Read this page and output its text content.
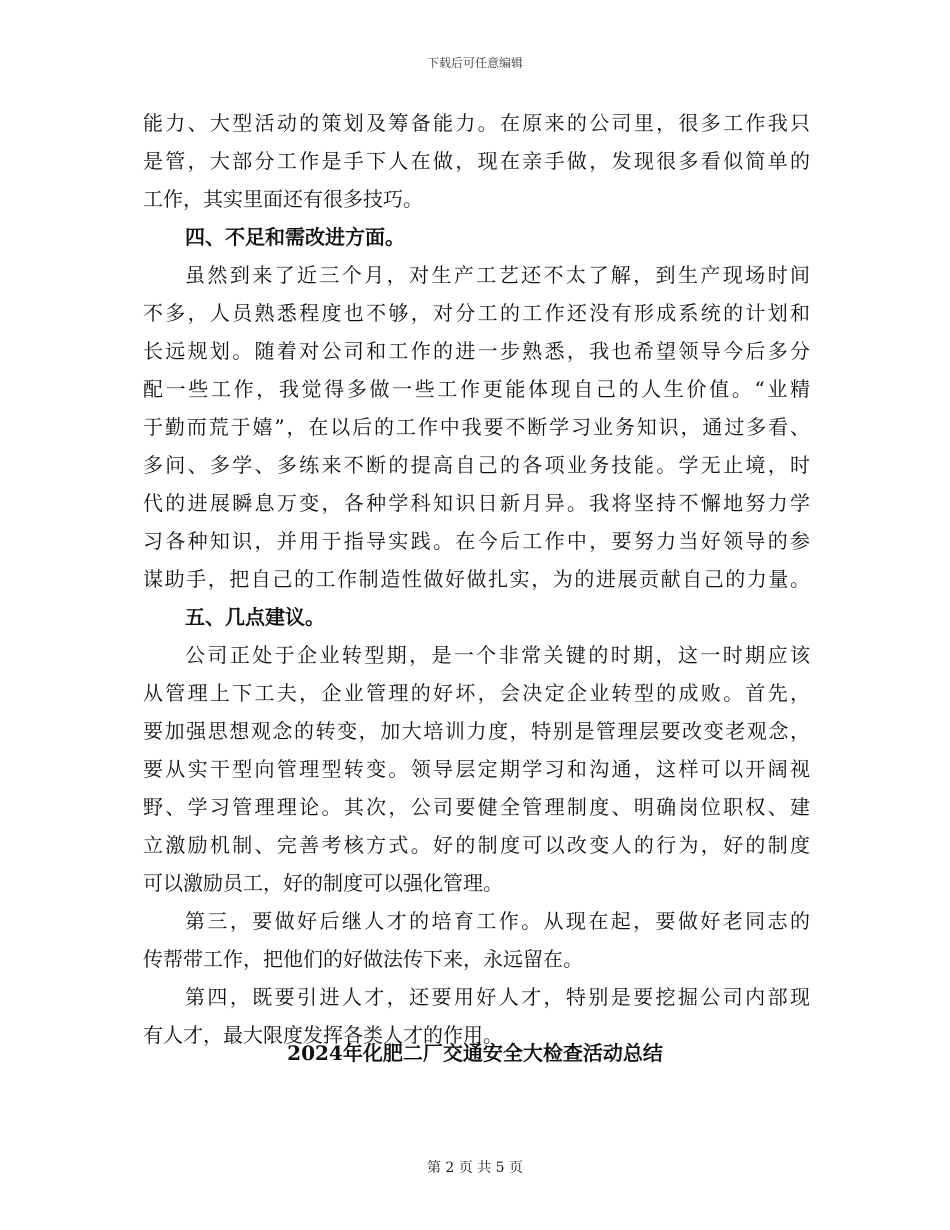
下载后可任意编辑
能力、大型活动的策划及筹备能力。在原来的公司里，很多工作我只
是管，大部分工作是手下人在做，现在亲手做，发现很多看似简单的
工作，其实里面还有很多技巧。
四、不足和需改进方面。
虽然到来了近三个月，对生产工艺还不太了解，到生产现场时间
不多，人员熟悉程度也不够，对分工的工作还没有形成系统的计划和
长远规划。随着对公司和工作的进一步熟悉，我也希望领导今后多分
配一些工作，我觉得多做一些工作更能体现自己的人生价值。“业精
于勤而荒于嬉”，在以后的工作中我要不断学习业务知识，通过多看、
多问、多学、多练来不断的提高自己的各项业务技能。学无止境，时
代的进展瞬息万变，各种学科知识日新月异。我将坚持不懈地努力学
习各种知识，并用于指导实践。在今后工作中，要努力当好领导的参
谋助手，把自己的工作制造性做好做扎实，为的进展贡献自己的力量。
五、几点建议。
公司正处于企业转型期，是一个非常关键的时期，这一时期应该
从管理上下工夫，企业管理的好坏，会决定企业转型的成败。首先，
要加强思想观念的转变，加大培训力度，特别是管理层要改变老观念，
要从实干型向管理型转变。领导层定期学习和沟通，这样可以开阔视
野、学习管理理论。其次，公司要健全管理制度、明确岗位职权、建
立激励机制、完善考核方式。好的制度可以改变人的行为，好的制度
可以激励员工，好的制度可以强化管理。
第三，要做好后继人才的培育工作。从现在起，要做好老同志的
传帮带工作，把他们的好做法传下来，永远留在。
第四，既要引进人才，还要用好人才，特别是要挖掘公司内部现
有人才，最大限度发挥各类人才的作用。
2024年化肥二厂交通安全大检查活动总结
第 2 页 共 5 页
